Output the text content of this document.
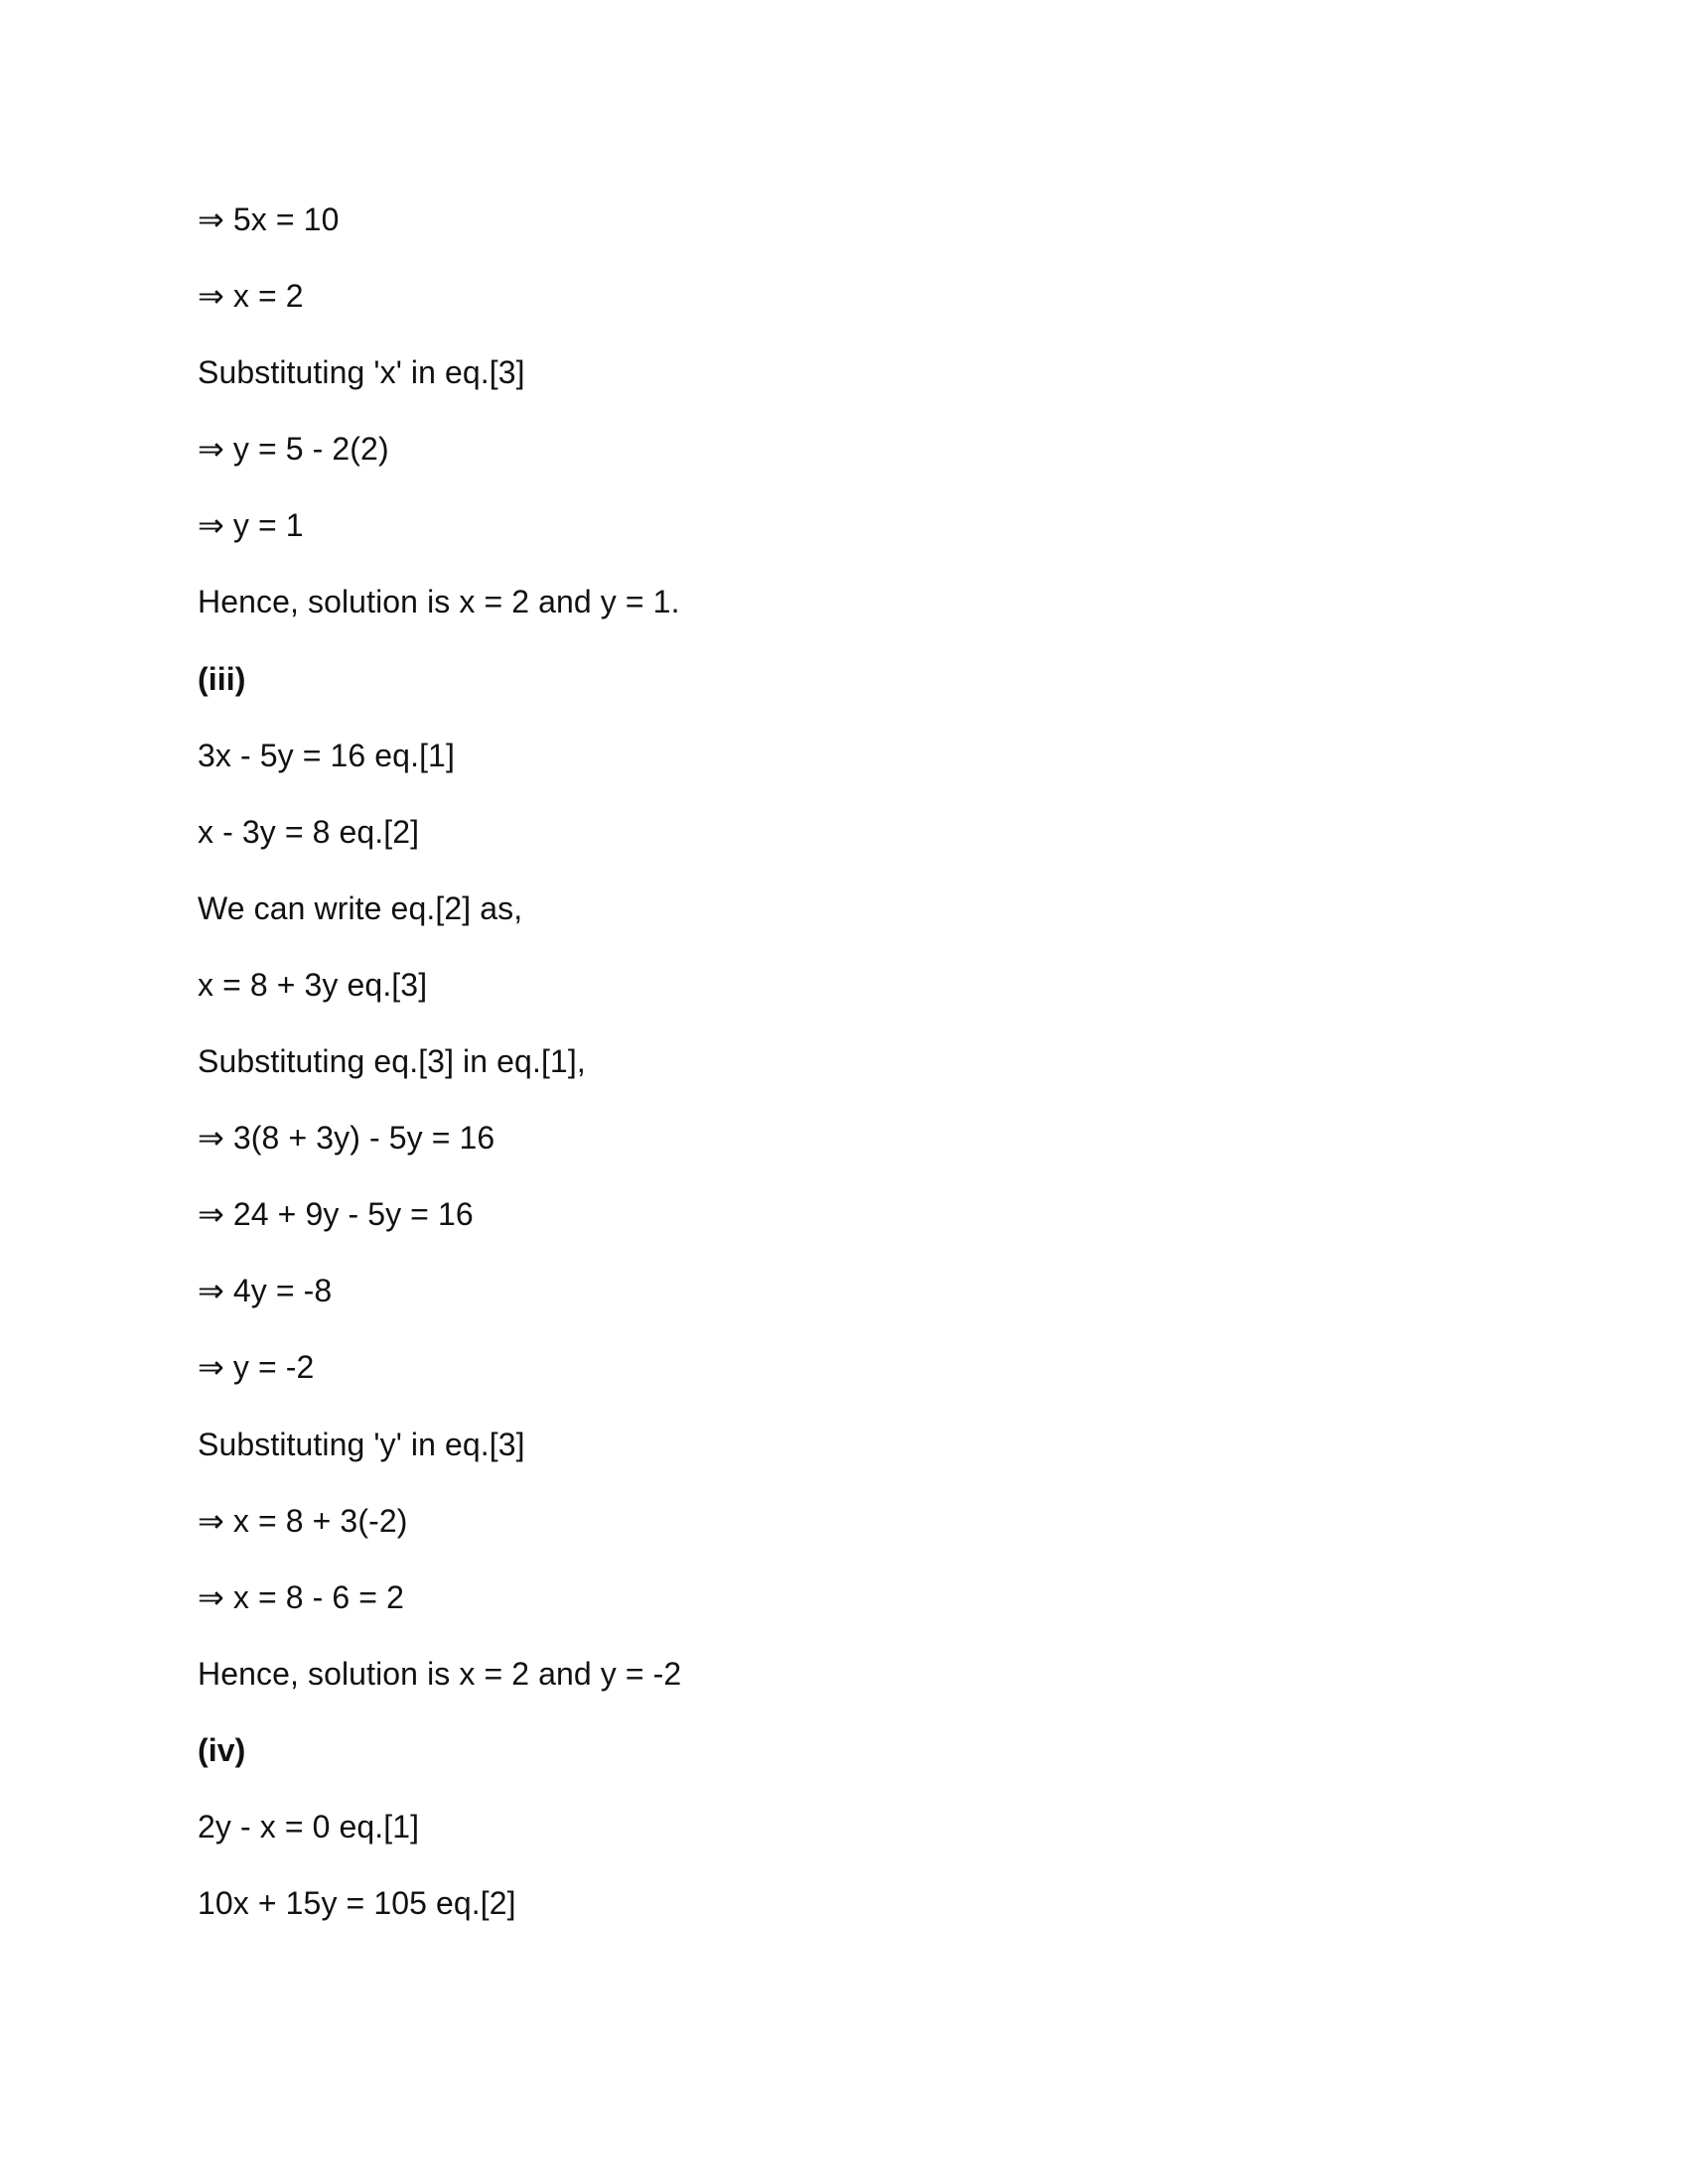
⇒ 5x = 10
⇒ x = 2
Substituting 'x' in eq.[3]
⇒ y = 5 - 2(2)
⇒ y = 1
Hence, solution is x = 2 and y = 1.
(iii)
3x - 5y = 16 eq.[1]
x - 3y = 8 eq.[2]
We can write eq.[2] as,
x = 8 + 3y eq.[3]
Substituting eq.[3] in eq.[1],
⇒ 3(8 + 3y) - 5y = 16
⇒ 24 + 9y - 5y = 16
⇒ 4y = -8
⇒ y = -2
Substituting 'y' in eq.[3]
⇒ x = 8 + 3(-2)
⇒ x = 8 - 6 = 2
Hence, solution is x = 2 and y = -2
(iv)
2y - x = 0 eq.[1]
10x + 15y = 105 eq.[2]
